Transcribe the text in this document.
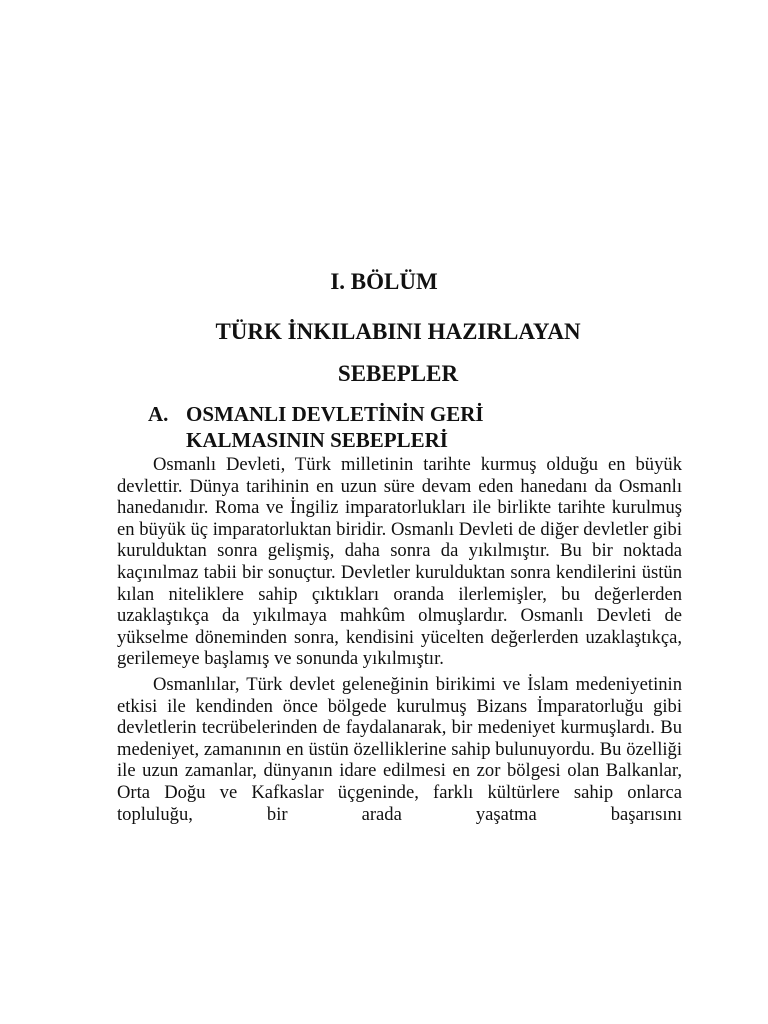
I. BÖLÜM
TÜRK İNKILABINI HAZIRLAYAN
SEBEPLER
A. OSMANLI DEVLETİNİN GERİ KALMASININ SEBEPLERİ

Osmanlı Devleti, Türk milletinin tarihte kurmuş olduğu en büyük devlettir. Dünya tarihinin en uzun süre devam eden hanedanı da Osmanlı hanedanıdır. Roma ve İngiliz imparatorlukları ile birlikte tarihte kurulmuş en büyük üç imparatorluktan biridir. Osmanlı Devleti de diğer devletler gibi kurulduktan sonra gelişmiş, daha sonra da yıkılmıştır. Bu bir noktada kaçınılmaz tabii bir sonuçtur. Devletler kurulduktan sonra kendilerini üstün kılan niteliklere sahip çıktıkları oranda ilerlemişler, bu değerlerden uzaklaştıkça da yıkılmaya mahkûm olmuşlardır. Osmanlı Devleti de yükselme döneminden sonra, kendisini yücelten değerlerden uzaklaştıkça, gerilemeye başlamış ve sonunda yıkılmıştır.

Osmanlılar, Türk devlet geleneğinin birikimi ve İslam medeniyetinin etkisi ile kendinden önce bölgede kurulmuş Bizans İmparatorluğu gibi devletlerin tecrübelerinden de faydalanarak, bir medeniyet kurmuşlardı. Bu medeniyet, zamanının en üstün özelliklerine sahip bulunuyordu. Bu özelliği ile uzun zamanlar, dünyanın idare edilmesi en zor bölgesi olan Balkanlar, Orta Doğu ve Kafkaslar üçgeninde, farklı kültürlere sahip onlarca topluluğu, bir arada yaşatma başarısını
